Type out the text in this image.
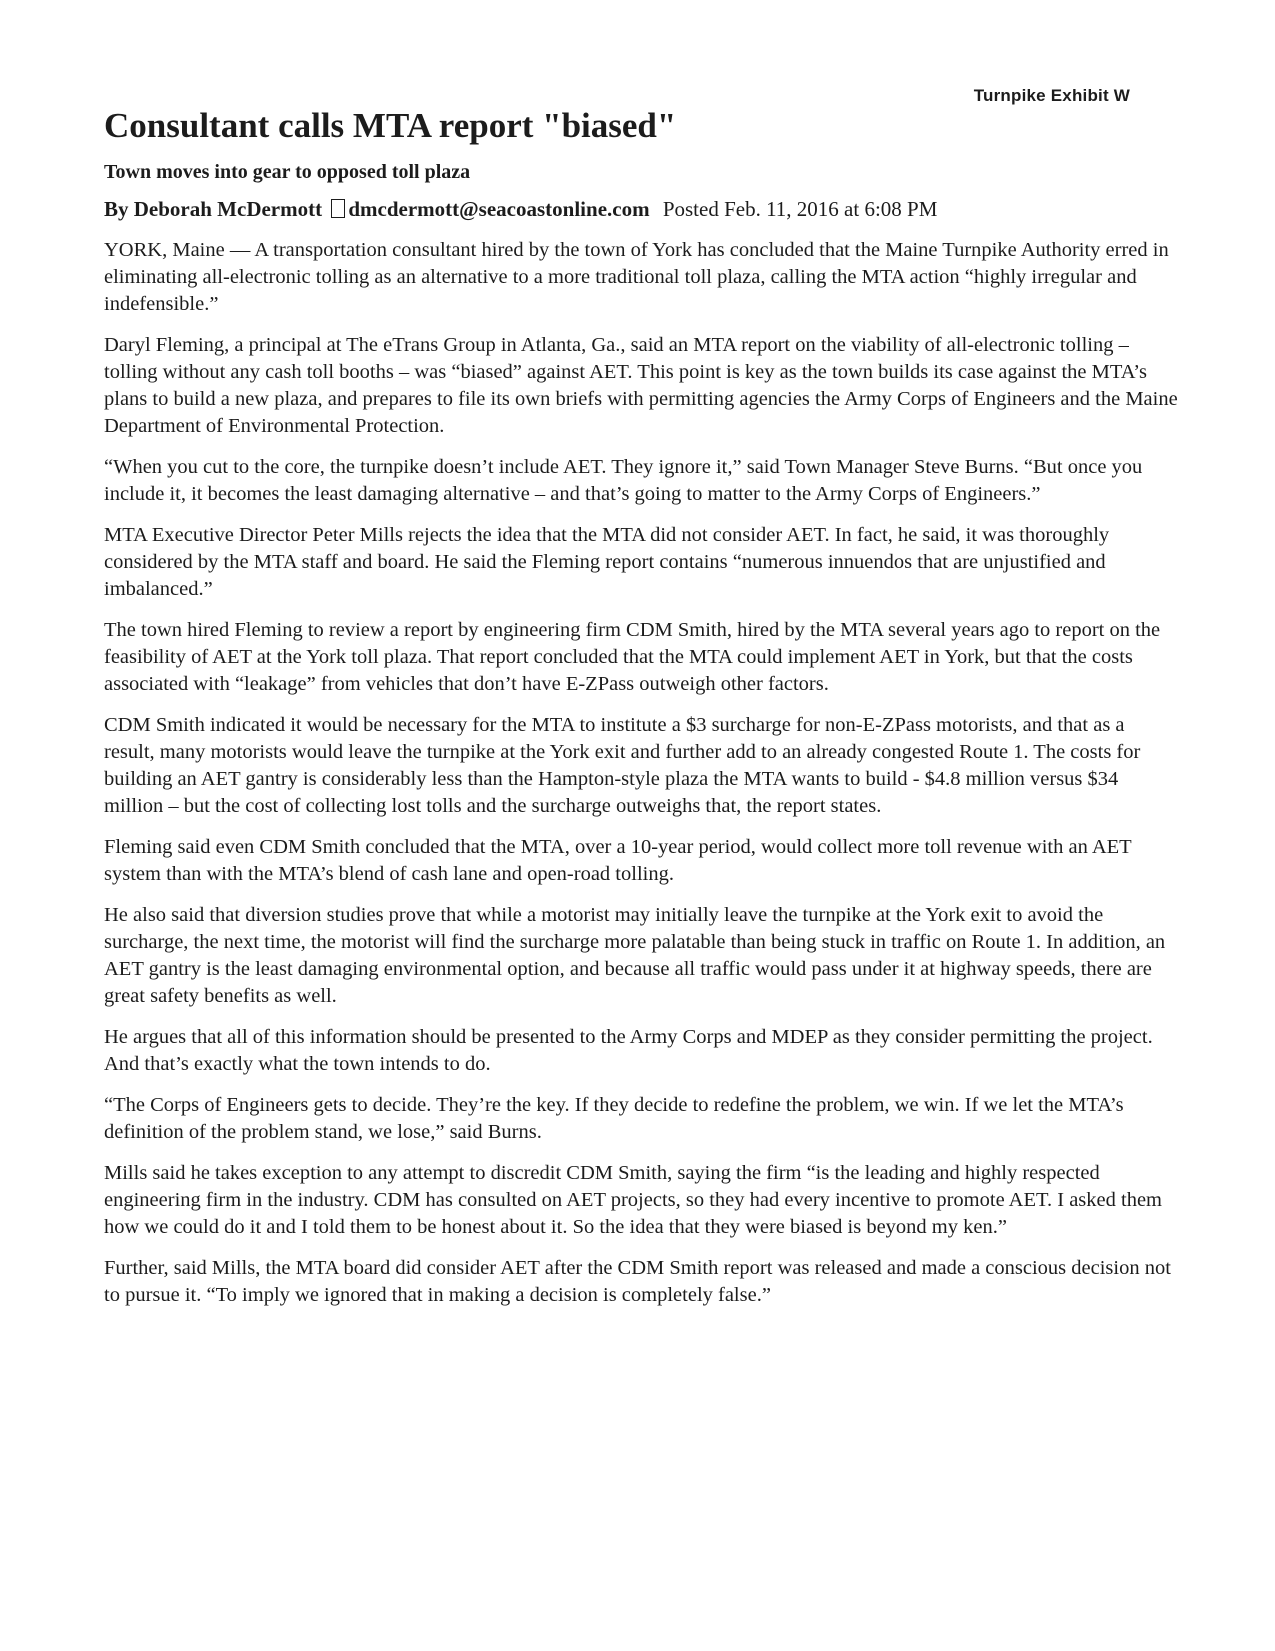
Turnpike Exhibit W
Consultant calls MTA report "biased"
Town moves into gear to opposed toll plaza
By Deborah McDermott dmcdermott@seacoastonline.com Posted Feb. 11, 2016 at 6:08 PM

YORK, Maine — A transportation consultant hired by the town of York has concluded that the Maine Turnpike Authority erred in eliminating all-electronic tolling as an alternative to a more traditional toll plaza, calling the MTA action “highly irregular and indefensible.”

Daryl Fleming, a principal at The eTrans Group in Atlanta, Ga., said an MTA report on the viability of all-electronic tolling – tolling without any cash toll booths – was “biased” against AET. This point is key as the town builds its case against the MTA’s plans to build a new plaza, and prepares to file its own briefs with permitting agencies the Army Corps of Engineers and the Maine Department of Environmental Protection.

“When you cut to the core, the turnpike doesn’t include AET. They ignore it,” said Town Manager Steve Burns. “But once you include it, it becomes the least damaging alternative – and that’s going to matter to the Army Corps of Engineers.”

MTA Executive Director Peter Mills rejects the idea that the MTA did not consider AET. In fact, he said, it was thoroughly considered by the MTA staff and board. He said the Fleming report contains “numerous innuendos that are unjustified and imbalanced.”

The town hired Fleming to review a report by engineering firm CDM Smith, hired by the MTA several years ago to report on the feasibility of AET at the York toll plaza. That report concluded that the MTA could implement AET in York, but that the costs associated with “leakage” from vehicles that don’t have E-ZPass outweigh other factors.

CDM Smith indicated it would be necessary for the MTA to institute a $3 surcharge for non-E-ZPass motorists, and that as a result, many motorists would leave the turnpike at the York exit and further add to an already congested Route 1. The costs for building an AET gantry is considerably less than the Hampton-style plaza the MTA wants to build - $4.8 million versus $34 million – but the cost of collecting lost tolls and the surcharge outweighs that, the report states.

Fleming said even CDM Smith concluded that the MTA, over a 10-year period, would collect more toll revenue with an AET system than with the MTA’s blend of cash lane and open-road tolling.

He also said that diversion studies prove that while a motorist may initially leave the turnpike at the York exit to avoid the surcharge, the next time, the motorist will find the surcharge more palatable than being stuck in traffic on Route 1. In addition, an AET gantry is the least damaging environmental option, and because all traffic would pass under it at highway speeds, there are great safety benefits as well.

He argues that all of this information should be presented to the Army Corps and MDEP as they consider permitting the project. And that’s exactly what the town intends to do.

“The Corps of Engineers gets to decide. They’re the key. If they decide to redefine the problem, we win. If we let the MTA’s definition of the problem stand, we lose,” said Burns.

Mills said he takes exception to any attempt to discredit CDM Smith, saying the firm “is the leading and highly respected engineering firm in the industry. CDM has consulted on AET projects, so they had every incentive to promote AET. I asked them how we could do it and I told them to be honest about it. So the idea that they were biased is beyond my ken.”

Further, said Mills, the MTA board did consider AET after the CDM Smith report was released and made a conscious decision not to pursue it. “To imply we ignored that in making a decision is completely false.”
